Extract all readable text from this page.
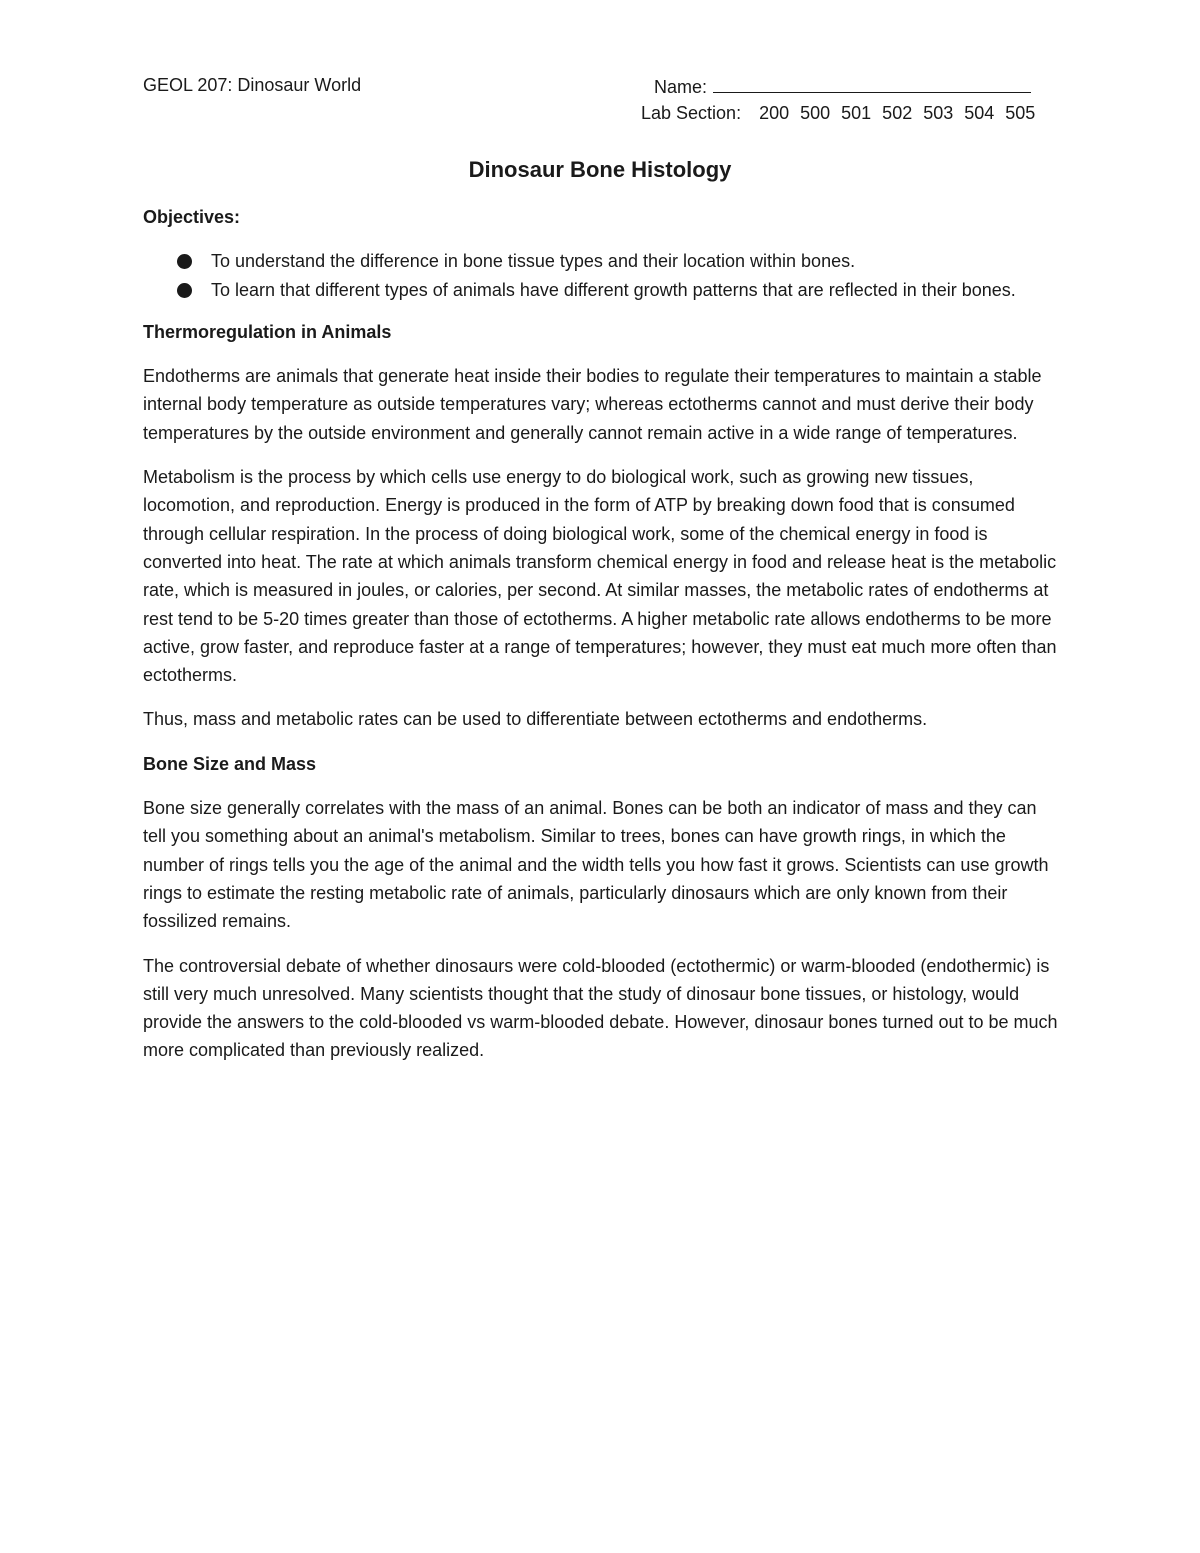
GEOL 207: Dinosaur World	Name:
Lab Section: 200 500 501 502 503 504 505
Dinosaur Bone Histology
Objectives:
To understand the difference in bone tissue types and their location within bones.
To learn that different types of animals have different growth patterns that are reflected in their bones.
Thermoregulation in Animals

Endotherms are animals that generate heat inside their bodies to regulate their temperatures to maintain a stable internal body temperature as outside temperatures vary; whereas ectotherms cannot and must derive their body temperatures by the outside environment and generally cannot remain active in a wide range of temperatures.

Metabolism is the process by which cells use energy to do biological work, such as growing new tissues, locomotion, and reproduction. Energy is produced in the form of ATP by breaking down food that is consumed through cellular respiration. In the process of doing biological work, some of the chemical energy in food is converted into heat. The rate at which animals transform chemical energy in food and release heat is the metabolic rate, which is measured in joules, or calories, per second. At similar masses, the metabolic rates of endotherms at rest tend to be 5-20 times greater than those of ectotherms. A higher metabolic rate allows endotherms to be more active, grow faster, and reproduce faster at a range of temperatures; however, they must eat much more often than ectotherms.

Thus, mass and metabolic rates can be used to differentiate between ectotherms and endotherms.

Bone Size and Mass

Bone size generally correlates with the mass of an animal. Bones can be both an indicator of mass and they can tell you something about an animal's metabolism. Similar to trees, bones can have growth rings, in which the number of rings tells you the age of the animal and the width tells you how fast it grows. Scientists can use growth rings to estimate the resting metabolic rate of animals, particularly dinosaurs which are only known from their fossilized remains.

The controversial debate of whether dinosaurs were cold-blooded (ectothermic) or warm-blooded (endothermic) is still very much unresolved. Many scientists thought that the study of dinosaur bone tissues, or histology, would provide the answers to the cold-blooded vs warm-blooded debate. However, dinosaur bones turned out to be much more complicated than previously realized.
